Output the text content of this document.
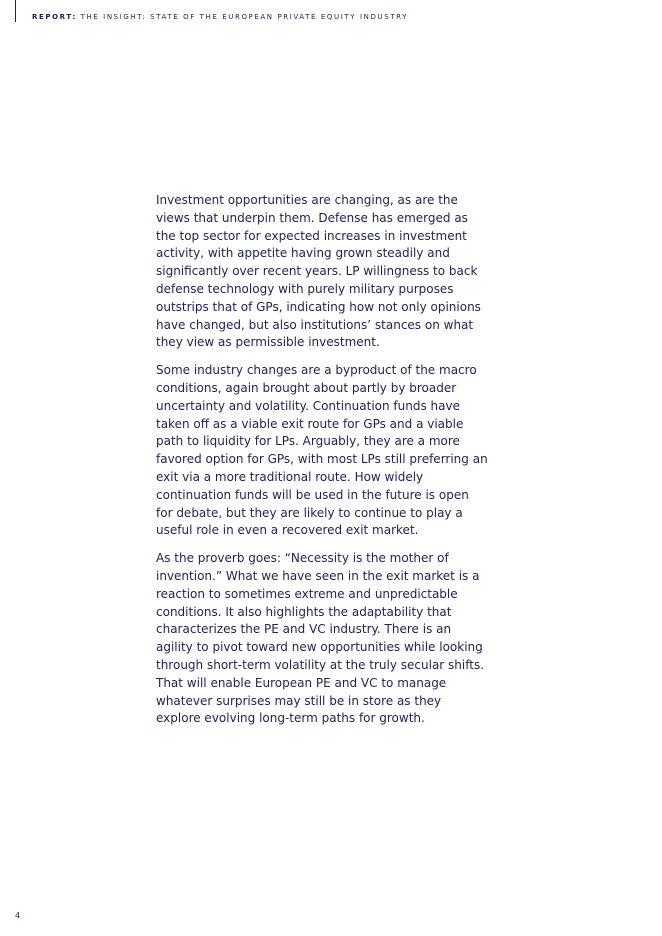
REPORT: THE INSIGHT: STATE OF THE EUROPEAN PRIVATE EQUITY INDUSTRY

Investment opportunities are changing, as are the views that underpin them. Defense has emerged as the top sector for expected increases in investment activity, with appetite having grown steadily and significantly over recent years. LP willingness to back defense technology with purely military purposes outstrips that of GPs, indicating how not only opinions have changed, but also institutions’ stances on what they view as permissible investment.

Some industry changes are a byproduct of the macro conditions, again brought about partly by broader uncertainty and volatility. Continuation funds have taken off as a viable exit route for GPs and a viable path to liquidity for LPs. Arguably, they are a more favored option for GPs, with most LPs still preferring an exit via a more traditional route. How widely continuation funds will be used in the future is open for debate, but they are likely to continue to play a useful role in even a recovered exit market.

As the proverb goes: “Necessity is the mother of invention.” What we have seen in the exit market is a reaction to sometimes extreme and unpredictable conditions. It also highlights the adaptability that characterizes the PE and VC industry. There is an agility to pivot toward new opportunities while looking through short-term volatility at the truly secular shifts. That will enable European PE and VC to manage whatever surprises may still be in store as they explore evolving long-term paths for growth.

4
